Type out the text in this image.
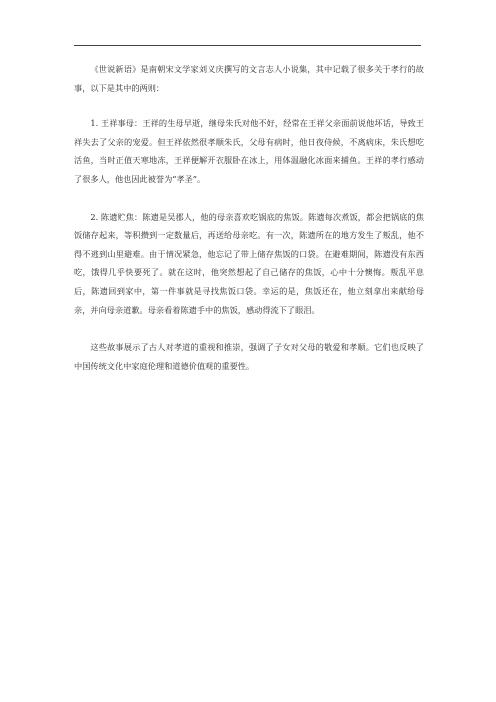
《世说新语》是南朝宋文学家刘义庆撰写的文言志人小说集，其中记载了很多关于孝行的故事，以下是其中的两则：

1. 王祥事母：王祥的生母早逝，继母朱氏对他不好，经常在王祥父亲面前说他坏话，导致王祥失去了父亲的宠爱。但王祥依然很孝顺朱氏，父母有病时，他日夜侍候，不离病床，朱氏想吃活鱼，当时正值天寒地冻，王祥便解开衣服卧在冰上，用体温融化冰面来捕鱼。王祥的孝行感动了很多人，他也因此被誉为“孝圣”。

2. 陈遗贮焦：陈遗是吴郡人，他的母亲喜欢吃锅底的焦饭。陈遗每次煮饭，都会把锅底的焦饭储存起来，等积攒到一定数量后，再送给母亲吃。有一次，陈遗所在的地方发生了叛乱，他不得不逃到山里避难。由于情况紧急，他忘记了带上储存焦饭的口袋。在避难期间，陈遗没有东西吃，饿得几乎快要死了。就在这时，他突然想起了自己储存的焦饭，心中十分懊悔。叛乱平息后，陈遗回到家中，第一件事就是寻找焦饭口袋。幸运的是，焦饭还在，他立刻拿出来献给母亲，并向母亲道歉。母亲看着陈遗手中的焦饭，感动得流下了眼泪。

这些故事展示了古人对孝道的重视和推崇，强调了子女对父母的敬爱和孝顺。它们也反映了中国传统文化中家庭伦理和道德价值观的重要性。
